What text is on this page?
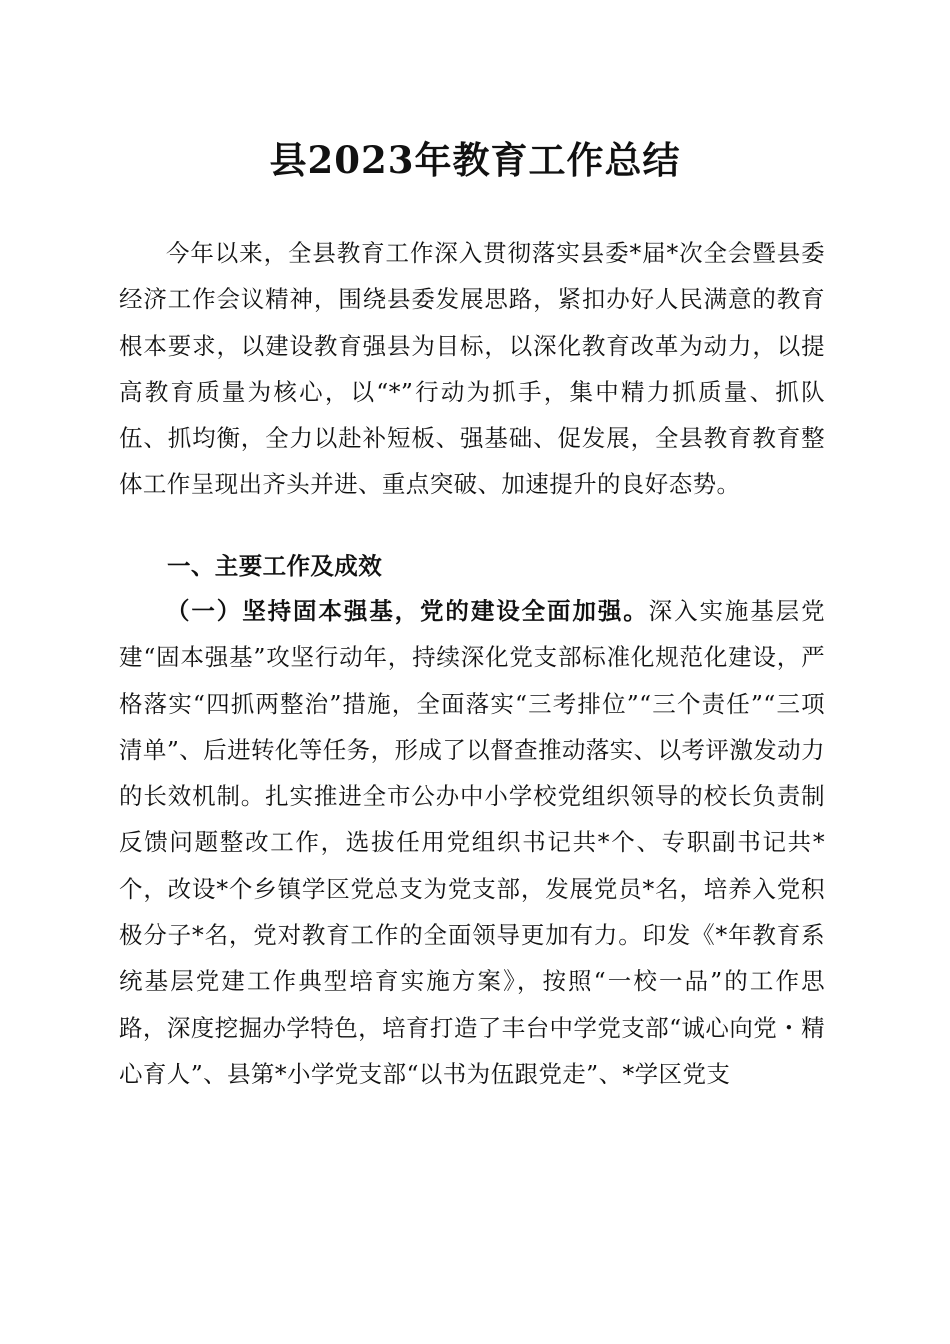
县2023年教育工作总结

今年以来，全县教育工作深入贯彻落实县委*届*次全会暨县委经济工作会议精神，围绕县委发展思路，紧扣办好人民满意的教育根本要求，以建设教育强县为目标，以深化教育改革为动力，以提高教育质量为核心，以“*”行动为抓手，集中精力抓质量、抓队伍、抓均衡，全力以赴补短板、强基础、促发展，全县教育教育整体工作呈现出齐头并进、重点突破、加速提升的良好态势。

一、主要工作及成效

（一）坚持固本强基，党的建设全面加强。深入实施基层党建“固本强基”攻坚行动年，持续深化党支部标准化规范化建设，严格落实“四抓两整治”措施，全面落实“三考排位”“三个责任”“三项清单”、后进转化等任务，形成了以督查推动落实、以考评激发动力的长效机制。扎实推进全市公办中小学校党组织领导的校长负责制反馈问题整改工作，选拔任用党组织书记共*个、专职副书记共*个，改设*个乡镇学区党总支为党支部，发展党员*名，培养入党积极分子*名，党对教育工作的全面领导更加有力。印发《*年教育系统基层党建工作典型培育实施方案》，按照“一校一品”的工作思路，深度挖掘办学特色，培育打造了丰台中学党支部“诚心向党・精心育人”、县第*小学党支部“以书为伍跟党走”、*学区党支
